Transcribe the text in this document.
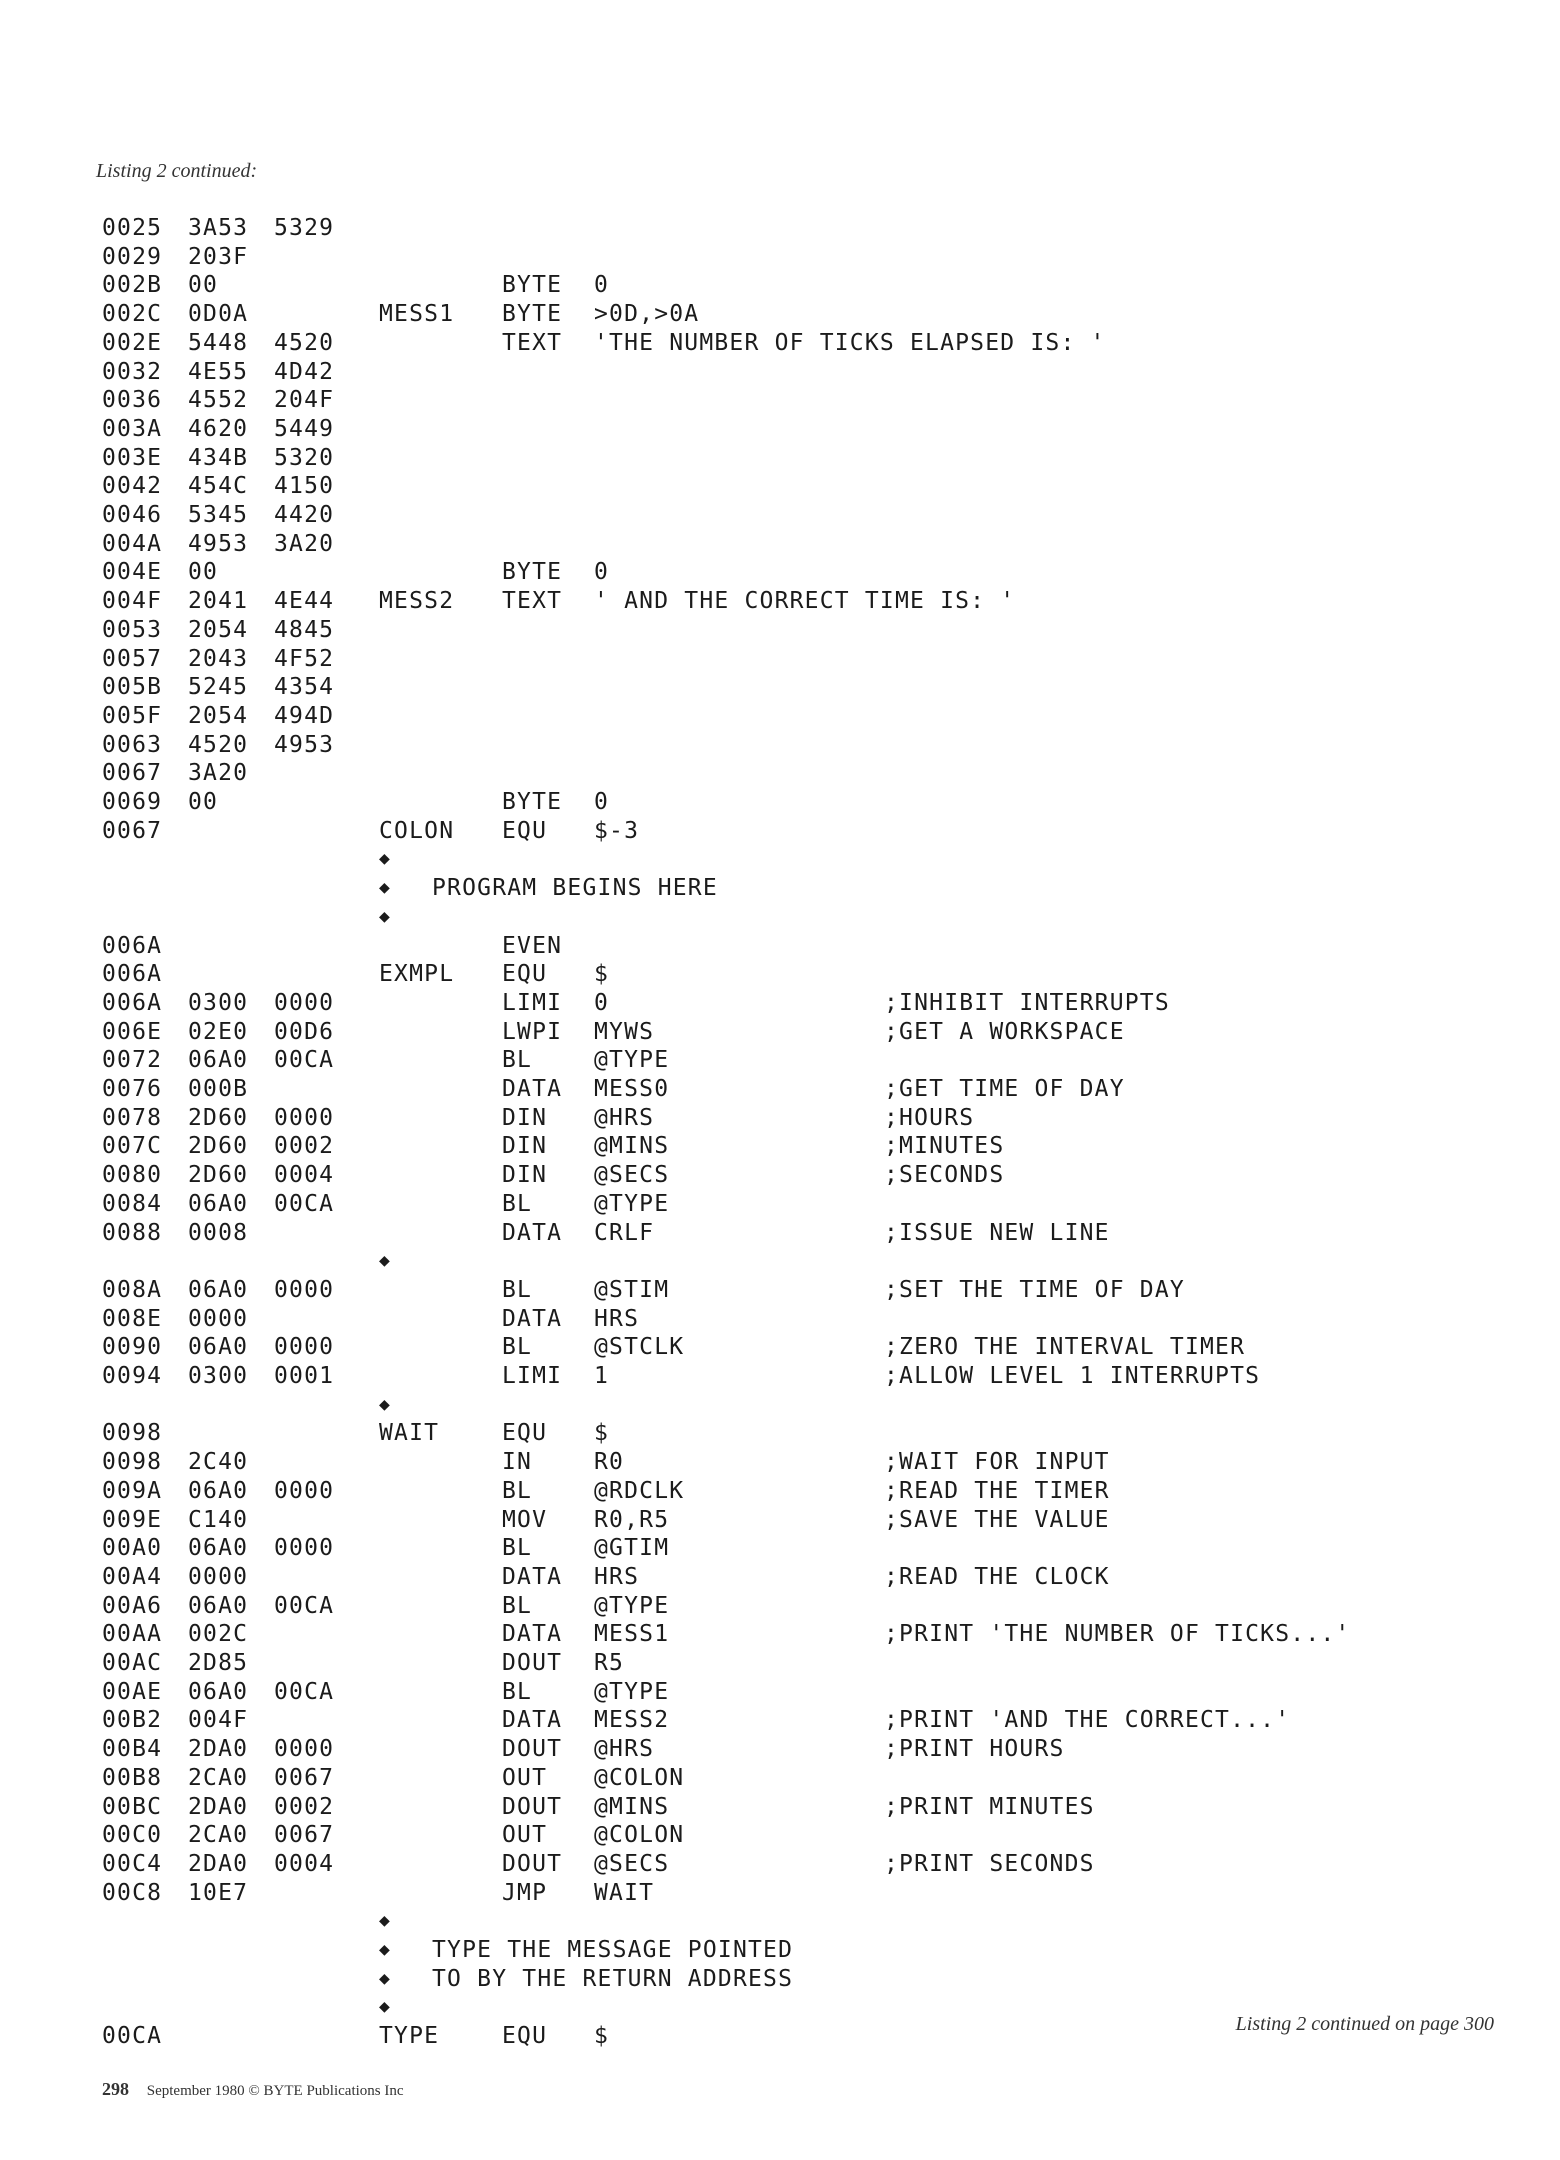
Listing 2 continued:
0025 3A53 5329
0029 203F
002B 00	BYTE 0
002C 0D0A	MESS1 BYTE >0D,>0A
002E 5448 4520	TEXT 'THE NUMBER OF TICKS ELAPSED IS: '
0032 4E55 4D42
0036 4552 204F
003A 4620 5449
003E 434B 5320
0042 454C 4150
0046 5345 4420
004A 4953 3A20
004E 00	BYTE 0
004F 2041 4E44 MESS2 TEXT ' AND THE CORRECT TIME IS: '
0053 2054 4845
0057 2043 4F52
005B 5245 4354
005F 2054 494D
0063 4520 4953
0067 3A20
0069 00	BYTE 0
0067	COLON EQU $-3
◆
◆ PROGRAM BEGINS HERE
◆
006A	EVEN
006A	EXMPL EQU $
006A 0300 0000	LIMI 0	;INHIBIT INTERRUPTS
006E 02E0 00D6	LWPI MYWS	;GET A WORKSPACE
0072 06A0 00CA	BL	@TYPE
0076 000B	DATA MESS0	;GET TIME OF DAY
0078 2D60 0000	DIN @HRS	;HOURS
007C 2D60 0002	DIN @MINS	;MINUTES
0080 2D60 0004	DIN @SECS	;SECONDS
0084 06A0 00CA	BL	@TYPE
0088 0008	DATA CRLF	;ISSUE NEW LINE
◆
008A 06A0 0000	BL	@STIM	;SET THE TIME OF DAY
008E 0000	DATA HRS
0090 06A0 0000	BL	@STCLK	;ZERO THE INTERVAL TIMER
0094 0300 0001	LIMI 1	;ALLOW LEVEL 1 INTERRUPTS
◆
0098	WAIT	EQU $
0098 2C40	IN	R0	;WAIT FOR INPUT
009A 06A0 0000	BL	@RDCLK	;READ THE TIMER
009E C140	MOV R0,R5	;SAVE THE VALUE
00A0 06A0 0000	BL	@GTIM
00A4 0000	DATA HRS	;READ THE CLOCK
00A6 06A0 00CA	BL	@TYPE
00AA 002C	DATA MESS1	;PRINT 'THE NUMBER OF TICKS...'
00AC 2D85	DOUT R5
00AE 06A0 00CA	BL	@TYPE
00B2 004F	DATA MESS2	;PRINT 'AND THE CORRECT...'
00B4 2DA0 0000	DOUT @HRS	;PRINT HOURS
00B8 2CA0 0067	OUT @COLON
00BC 2DA0 0002	DOUT @MINS	;PRINT MINUTES
00C0 2CA0 0067	OUT @COLON
00C4 2DA0 0004	DOUT @SECS	;PRINT SECONDS
00C8 10E7	JMP WAIT
◆
◆ TYPE THE MESSAGE POINTED
◆ TO BY THE RETURN ADDRESS
◆
00CA	TYPE	EQU $	Listing 2 continued on page 300
298 September 1980 © BYTE Publications Inc
